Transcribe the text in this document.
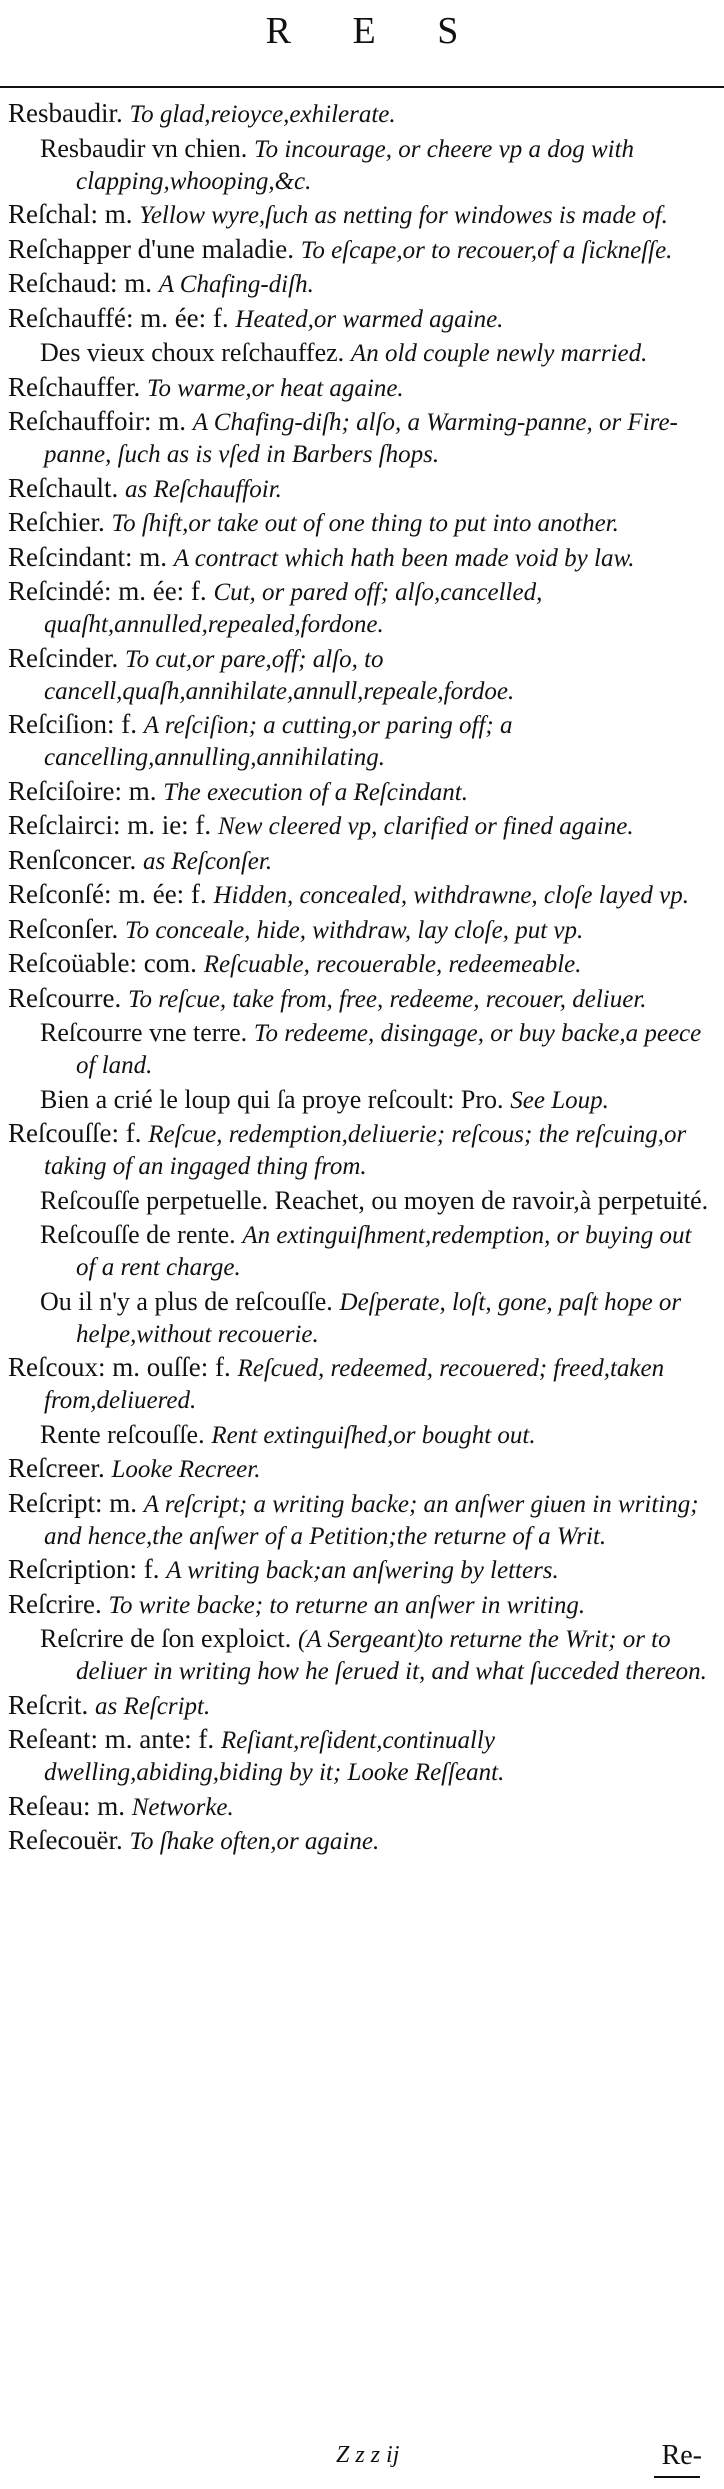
R E S
Resbaudir. To glad,reioyce,exhilerate.
Resbaudir vn chien. To incourage, or cheere vp a dog with clapping,whooping,&c.
Reſchal: m. Yellow wyre,ſuch as netting for windowes is made of.
Reſchapper d'une maladie. To eſcape,or to recouer,of a ſickneſſe.
Reſchaud: m. A Chafing-diſh.
Reſchauffé: m. ée: f. Heated,or warmed againe.
Des vieux choux reſchauffez. An old couple newly married.
Reſchauffer. To warme,or heat againe.
Reſchauffoir: m. A Chafing-diſh; alſo, a Warming-panne, or Fire-panne, ſuch as is vſed in Barbers ſhops.
Reſchault. as Reſchauffoir.
Reſchier. To ſhift,or take out of one thing to put into another.
Reſcindant: m. A contract which hath been made void by law.
Reſcindé: m. ée: f. Cut, or pared off; alſo,cancelled, quaſht,annulled,repealed,fordone.
Reſcinder. To cut,or pare,off; alſo, to cancell,quaſh,annihilate,annull,repeale,fordoe.
Reſciſion: f. A reſciſion; a cutting,or paring off; a cancelling,annulling,annihilating.
Reſciſoire: m. The execution of a Reſcindant.
Reſclairci: m. ie: f. New cleered vp, clarified or fined againe.
Renſconcer. as Reſconſer.
Reſconſé: m. ée: f. Hidden, concealed, withdrawne, cloſe layed vp.
Reſconſer. To conceale, hide, withdraw, lay cloſe, put vp.
Reſcoüable: com. Reſcuable, recouerable, redeemeable.
Reſcourre. To reſcue, take from, free, redeeme, recouer, deliuer.
Reſcourre vne terre. To redeeme, disingage, or buy backe,a peece of land.
Bien a crié le loup qui ſa proye reſcoult: Pro. See Loup.
Reſcouſſe: f. Reſcue, redemption,deliuerie; reſcous; the reſcuing,or taking of an ingaged thing from.
Reſcouſſe perpetuelle. Reachet, ou moyen de ravoir,à perpetuité.
Reſcouſſe de rente. An extinguiſhment,redemption, or buying out of a rent charge.
Ou il n'y a plus de reſcouſſe. Deſperate, loſt, gone, paſt hope or helpe,without recouerie.
Reſcoux: m. ouſſe: f. Reſcued, redeemed, recouered; freed,taken from,deliuered.
Rente reſcouſſe. Rent extinguiſhed,or bought out.
Reſcreer. Looke Recreer.
Reſcript: m. A reſcript; a writing backe; an anſwer giuen in writing; and hence,the anſwer of a Petition;the returne of a Writ.
Reſcription: f. A writing back;an anſwering by letters.
Reſcrire. To write backe; to returne an anſwer in writing.
Reſcrire de ſon exploict. (A Sergeant)to returne the Writ; or to deliuer in writing how he ſerued it, and what ſucceded thereon.
Reſcrit. as Reſcript.
Reſeant: m. ante: f. Reſiant,reſident,continually dwelling,abiding,biding by it; Looke Reſſeant.
Reſeau: m. Networke.
Reſecouër. To ſhake often,or againe.
Z z z ij	Re-
